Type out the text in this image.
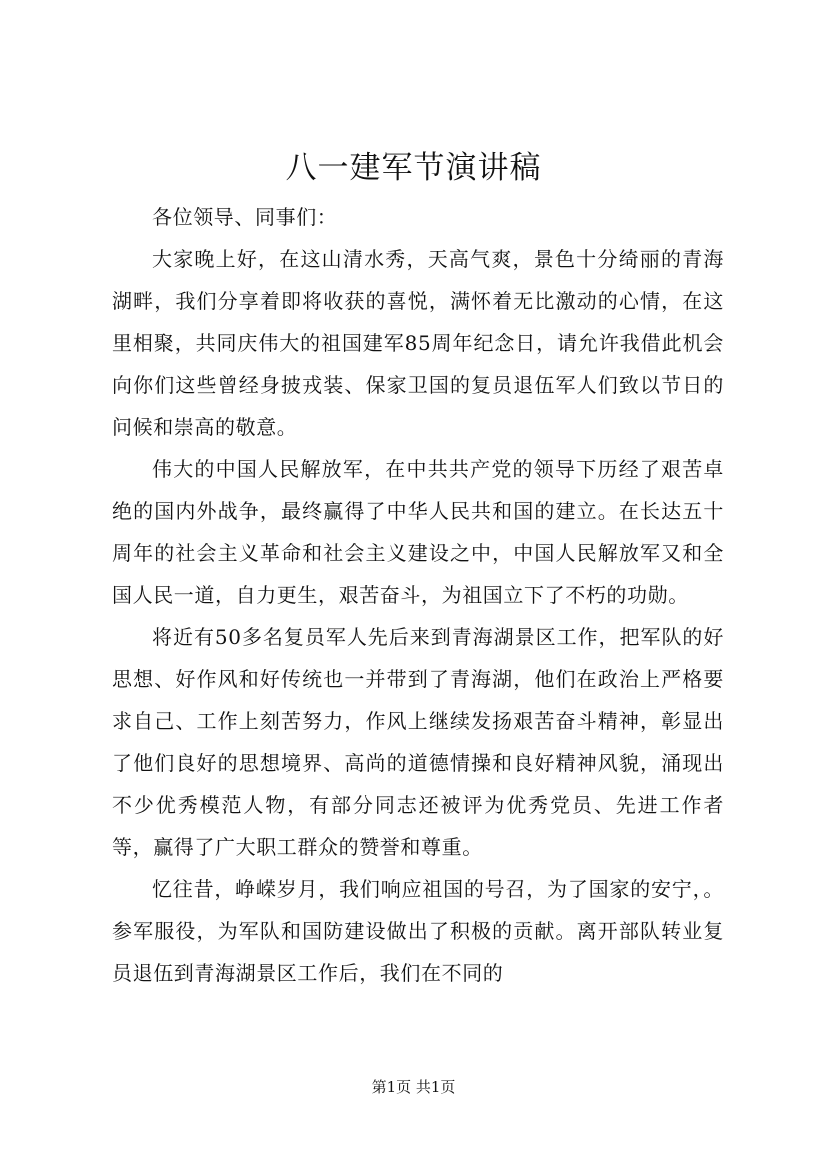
八一建军节演讲稿

各位领导、同事们：

大家晚上好，在这山清水秀，天高气爽，景色十分绮丽的青海湖畔，我们分享着即将收获的喜悦，满怀着无比激动的心情，在这里相聚，共同庆伟大的祖国建军85周年纪念日，请允许我借此机会向你们这些曾经身披戎装、保家卫国的复员退伍军人们致以节日的问候和崇高的敬意。

伟大的中国人民解放军，在中共共产党的领导下历经了艰苦卓绝的国内外战争，最终赢得了中华人民共和国的建立。在长达五十周年的社会主义革命和社会主义建设之中，中国人民解放军又和全国人民一道，自力更生，艰苦奋斗，为祖国立下了不朽的功勋。

将近有50多名复员军人先后来到青海湖景区工作，把军队的好思想、好作风和好传统也一并带到了青海湖，他们在政治上严格要求自己、工作上刻苦努力，作风上继续发扬艰苦奋斗精神，彰显出了他们良好的思想境界、高尚的道德情操和良好精神风貌，涌现出不少优秀模范人物，有部分同志还被评为优秀党员、先进工作者等，赢得了广大职工群众的赞誉和尊重。

忆往昔，峥嵘岁月，我们响应祖国的号召，为了国家的安宁，。参军服役，为军队和国防建设做出了积极的贡献。离开部队转业复员退伍到青海湖景区工作后，我们在不同的

第1页 共1页
